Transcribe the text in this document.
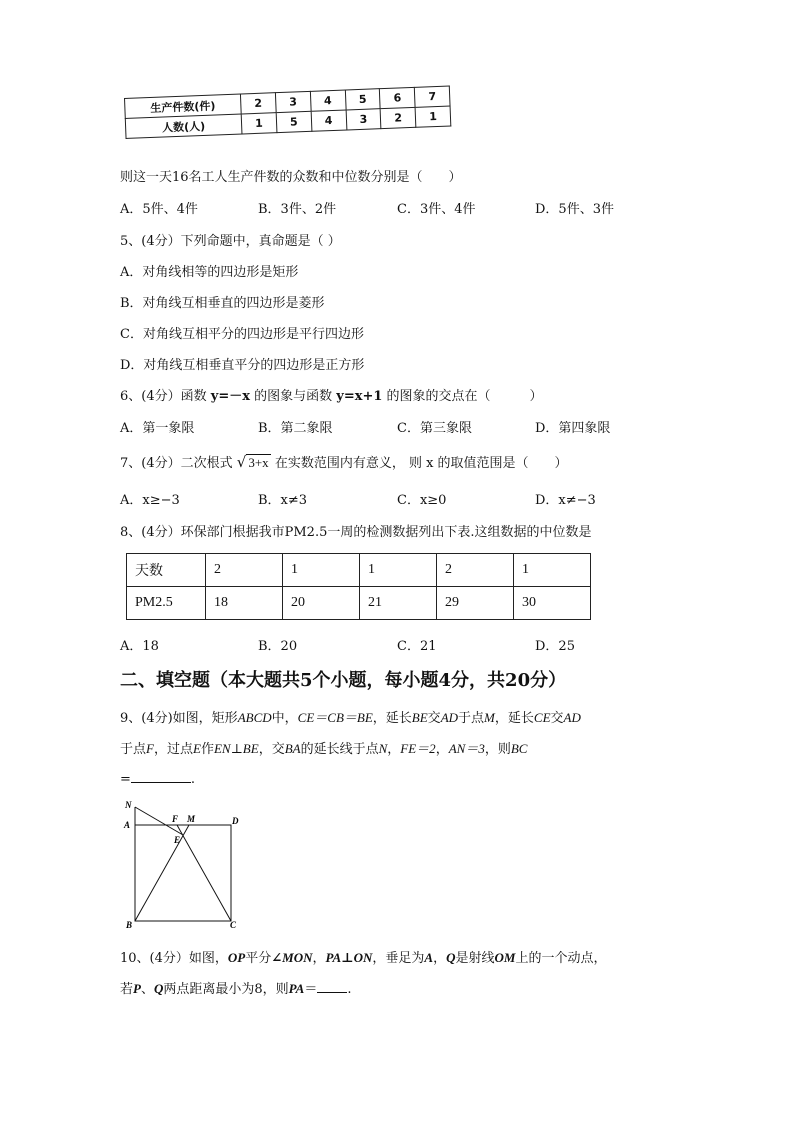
生产件数(件)	2	3	4	5	6	7
人数(人)	1	5	4	3	2	1
则这一天16名工人生产件数的众数和中位数分别是（　　）
A．5件、4件	B．3件、2件	C．3件、4件	D．5件、3件
5、(4分）下列命题中，真命题是（ ）
A．对角线相等的四边形是矩形
B．对角线互相垂直的四边形是菱形
C．对角线互相平分的四边形是平行四边形
D．对角线互相垂直平分的四边形是正方形
6、(4分）函数 y=－x 的图象与函数 y=x+1 的图象的交点在（　　　）
A．第一象限	B．第二象限	C．第三象限	D．第四象限
7、(4分）二次根式 √ 3+x 在实数范围内有意义， 则 x 的取值范围是（　　）
A．x≥−3	B．x≠3	C．x≥0	D．x≠−3
8、(4分）环保部门根据我市PM2.5一周的检测数据列出下表.这组数据的中位数是
天数	2	1	1	2	1
PM2.5	18	20	21	29	30
A．18	B．20	C．21	D．25
二、填空题（本大题共5个小题，每小题4分，共20分）
9、(4分)如图，矩形ABCD中，CE＝CB＝BE，延长BE交AD于点M，延长CE交AD
于点F，过点E作EN⊥BE，交BA的延长线于点N，FE＝2，AN＝3，则BC
=	.
N
A
F M	D
E
B	C
10、(4分）如图，OP平分∠MON，PA⊥ON，垂足为A，Q是射线OM上的一个动点，
若P、Q两点距离最小为8，则PA＝ .
